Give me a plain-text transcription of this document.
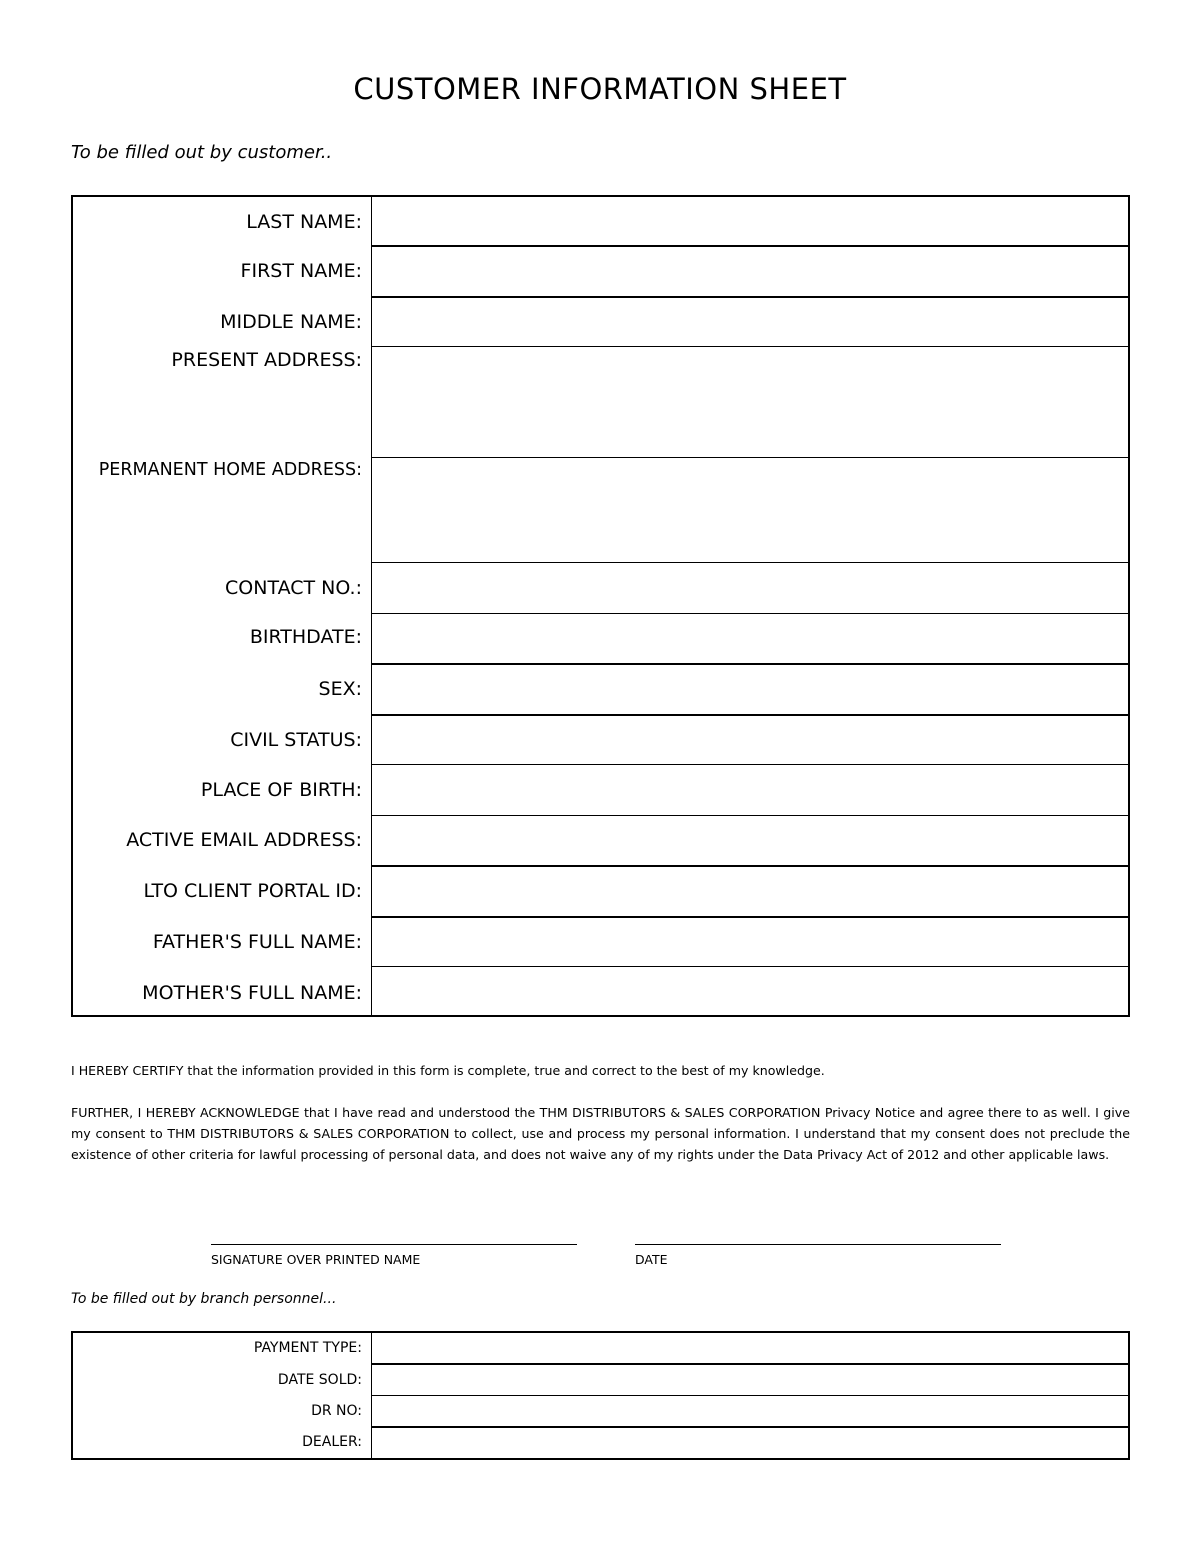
CUSTOMER INFORMATION SHEET
To be filled out by customer..
LAST NAME:
FIRST NAME:
MIDDLE NAME:
PRESENT ADDRESS:
PERMANENT HOME ADDRESS:
CONTACT NO.:
BIRTHDATE:
SEX:
CIVIL STATUS:
PLACE OF BIRTH:
ACTIVE EMAIL ADDRESS:
LTO CLIENT PORTAL ID:
FATHER'S FULL NAME:
MOTHER'S FULL NAME:
I HEREBY CERTIFY that the information provided in this form is complete, true and correct to the best of my knowledge.
FURTHER, I HEREBY ACKNOWLEDGE that I have read and understood the THM DISTRIBUTORS & SALES CORPORATION Privacy Notice and agree there to as well. I give my consent to THM DISTRIBUTORS & SALES CORPORATION to collect, use and process my personal information. I understand that my consent does not preclude the existence of other criteria for lawful processing of personal data, and does not waive any of my rights under the Data Privacy Act of 2012 and other applicable laws.
SIGNATURE OVER PRINTED NAME	DATE
To be filled out by branch personnel...
PAYMENT TYPE:
DATE SOLD:
DR NO:
DEALER:
